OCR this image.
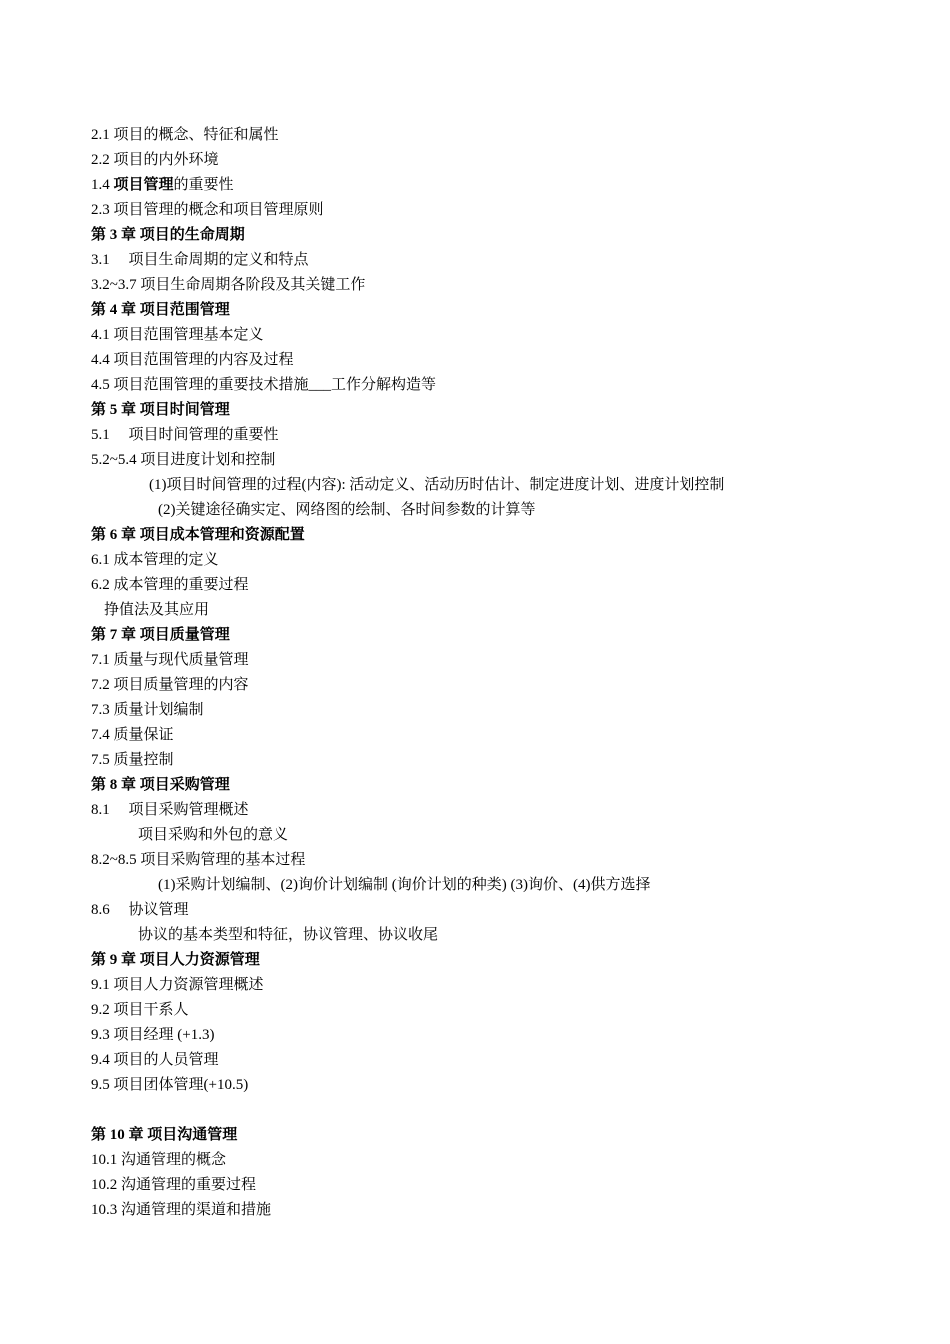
2.1 项目的概念、特征和属性
2.2 项目的内外环境
1.4 项目管理的重要性
2.3 项目管理的概念和项目管理原则
第 3 章 项目的生命周期
3.1     项目生命周期的定义和特点
3.2~3.7 项目生命周期各阶段及其关键工作
第 4 章 项目范围管理
4.1 项目范围管理基本定义
4.4 项目范围管理的内容及过程
4.5 项目范围管理的重要技术措施___工作分解构造等
第 5 章 项目时间管理
5.1     项目时间管理的重要性
5.2~5.4 项目进度计划和控制
(1)项目时间管理的过程(内容): 活动定义、活动历时估计、制定进度计划、进度计划控制
(2)关键途径确实定、网络图的绘制、各时间参数的计算等
第 6 章 项目成本管理和资源配置
6.1 成本管理的定义
6.2 成本管理的重要过程
挣值法及其应用
第 7 章 项目质量管理
7.1 质量与现代质量管理
7.2 项目质量管理的内容
7.3 质量计划编制
7.4 质量保证
7.5 质量控制
第 8 章 项目采购管理
8.1     项目采购管理概述
项目采购和外包的意义
8.2~8.5 项目采购管理的基本过程
(1)采购计划编制、(2)询价计划编制 (询价计划的种类) (3)询价、(4)供方选择
8.6     协议管理
协议的基本类型和特征，协议管理、协议收尾
第 9 章 项目人力资源管理
9.1 项目人力资源管理概述
9.2 项目干系人
9.3 项目经理 (+1.3)
9.4 项目的人员管理
9.5 项目团体管理(+10.5)
第 10 章 项目沟通管理
10.1 沟通管理的概念
10.2 沟通管理的重要过程
10.3 沟通管理的渠道和措施
